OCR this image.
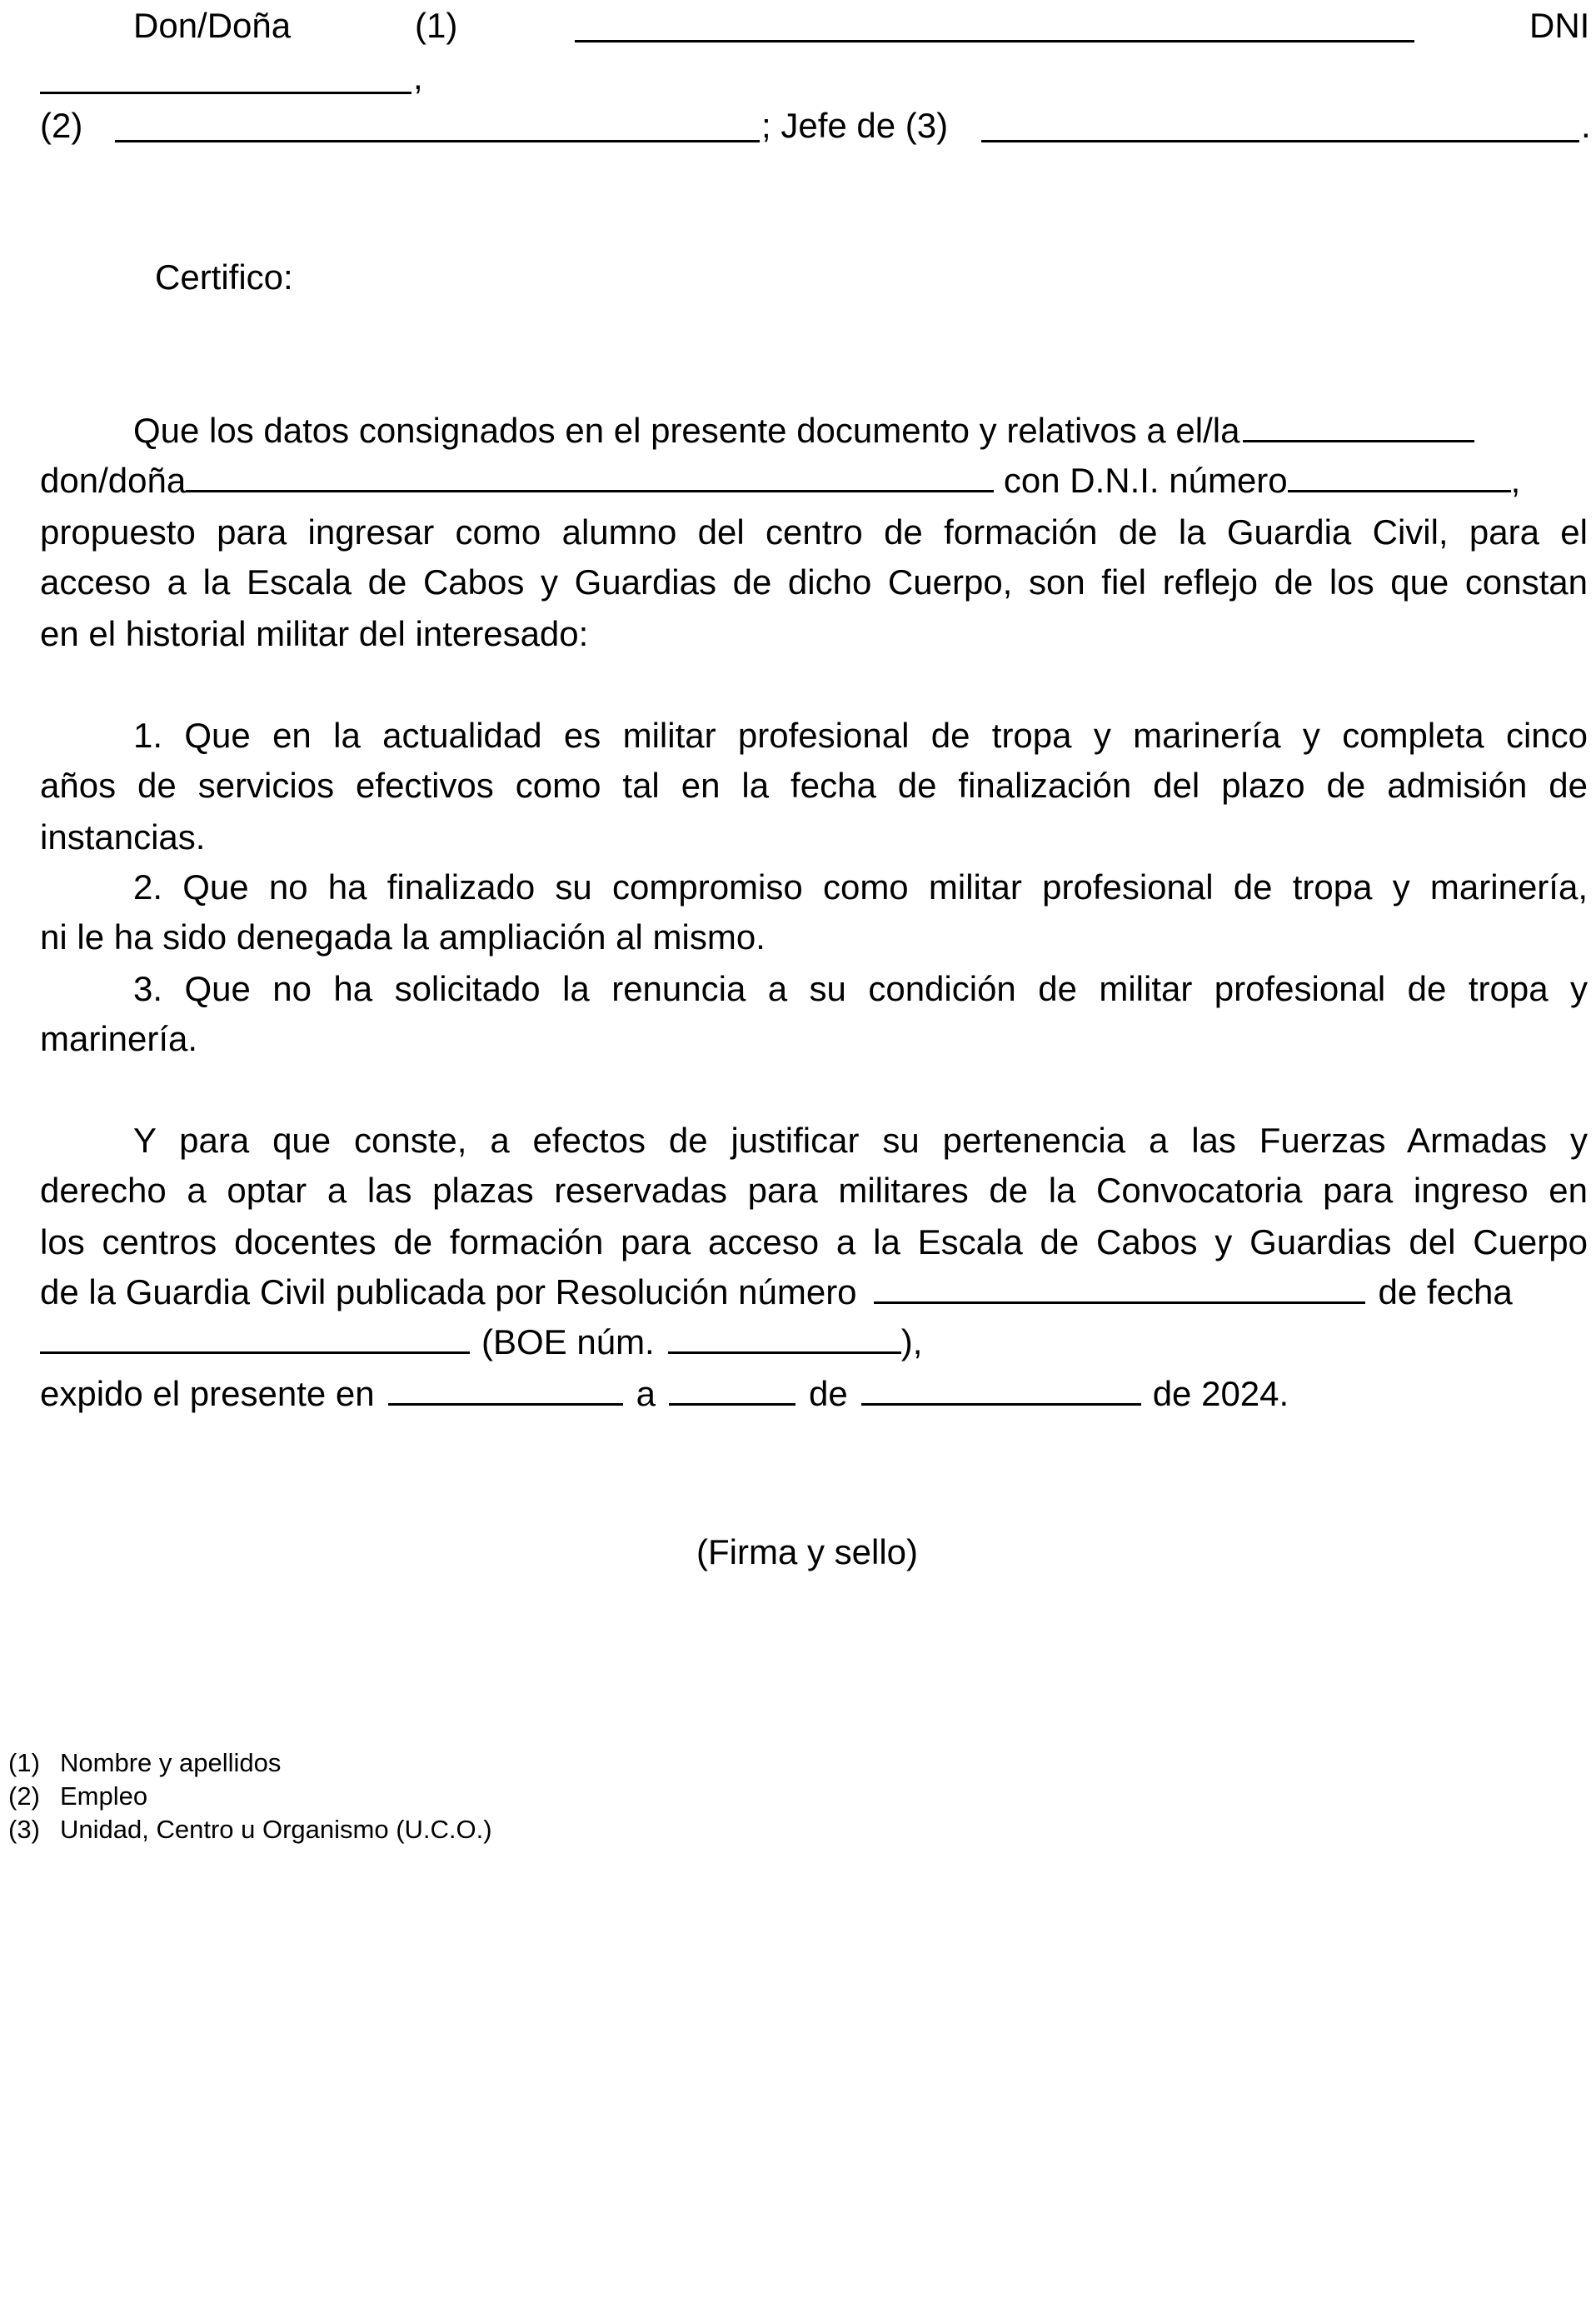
Don/Doña	(1)	DNI
,
(2)	; Jefe de (3)	.
Certifico:
Que los datos consignados en el presente documento y relativos a el/la
don/doña	con D.N.I. número	,
propuesto para ingresar como alumno del centro de formación de la Guardia Civil, para el
acceso a la Escala de Cabos y Guardias de dicho Cuerpo, son fiel reflejo de los que constan
en el historial militar del interesado:
1. Que en la actualidad es militar profesional de tropa y marinería y completa cinco
años de servicios efectivos como tal en la fecha de finalización del plazo de admisión de
instancias.
2. Que no ha finalizado su compromiso como militar profesional de tropa y marinería,
ni le ha sido denegada la ampliación al mismo.
3. Que no ha solicitado la renuncia a su condición de militar profesional de tropa y
marinería.
Y para que conste, a efectos de justificar su pertenencia a las Fuerzas Armadas y
derecho a optar a las plazas reservadas para militares de la Convocatoria para ingreso en
los centros docentes de formación para acceso a la Escala de Cabos y Guardias del Cuerpo
de la Guardia Civil publicada por Resolución número	de fecha
(BOE núm.	),
expido el presente en	a	de	de 2024.
(Firma y sello)
(1) Nombre y apellidos
(2) Empleo
(3) Unidad, Centro u Organismo (U.C.O.)
